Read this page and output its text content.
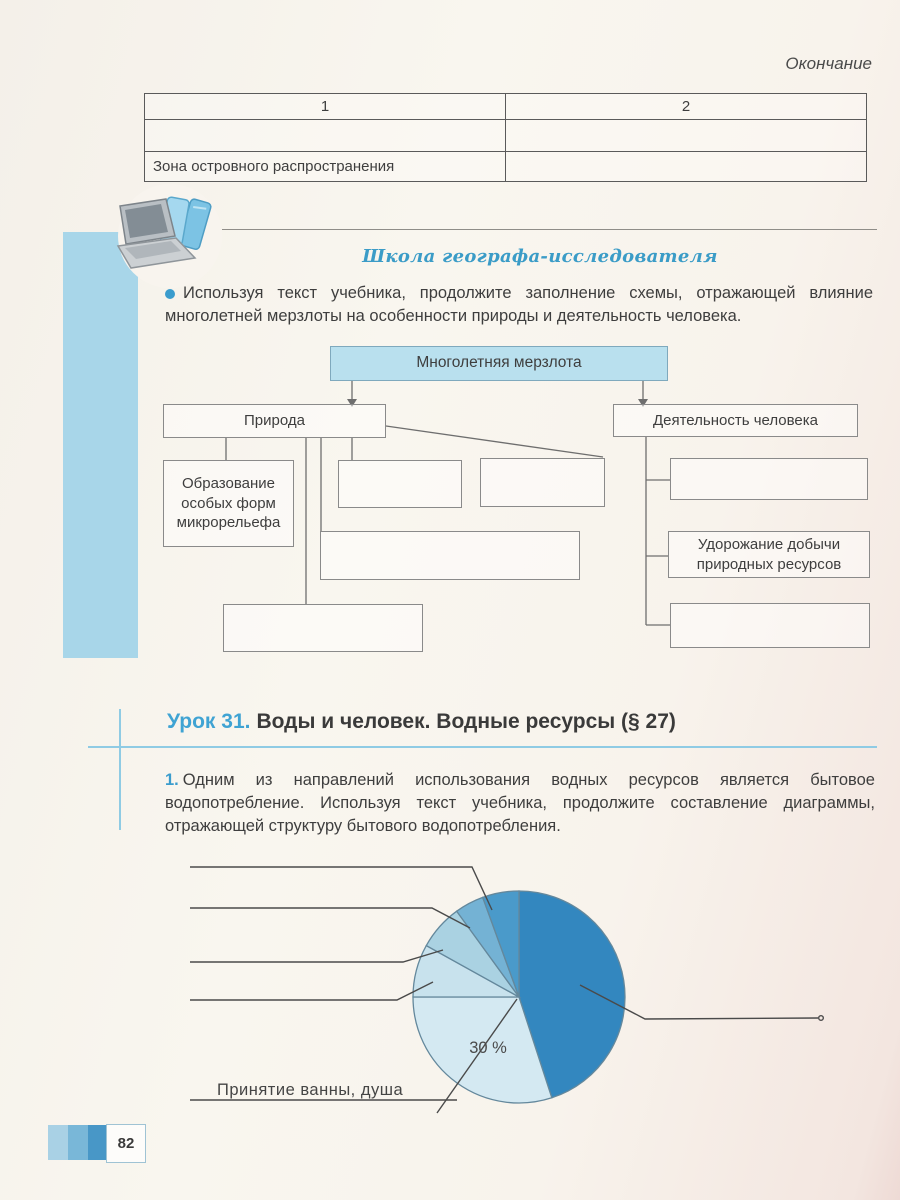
Окончание
1	2

Зона островного распространения	
Школа географа-исследователя
Используя текст учебника, продолжите заполнение схемы, отражающей влияние многолетней мерзлоты на особенности природы и деятельность человека.
30 %
Принятие ванны, душа
Многолетняя мерзлота
Природа	Деятельность человека
Образование особых форм микрорельефа
Удорожание добычи природных ресурсов
Урок 31. Воды и человек. Водные ресурсы (§ 27)
1. Одним из направлений использования водных ресурсов является бытовое водопотребление. Используя текст учебника, продолжите составление диаграммы, отражающей структуру бытового водопотребления.
82
